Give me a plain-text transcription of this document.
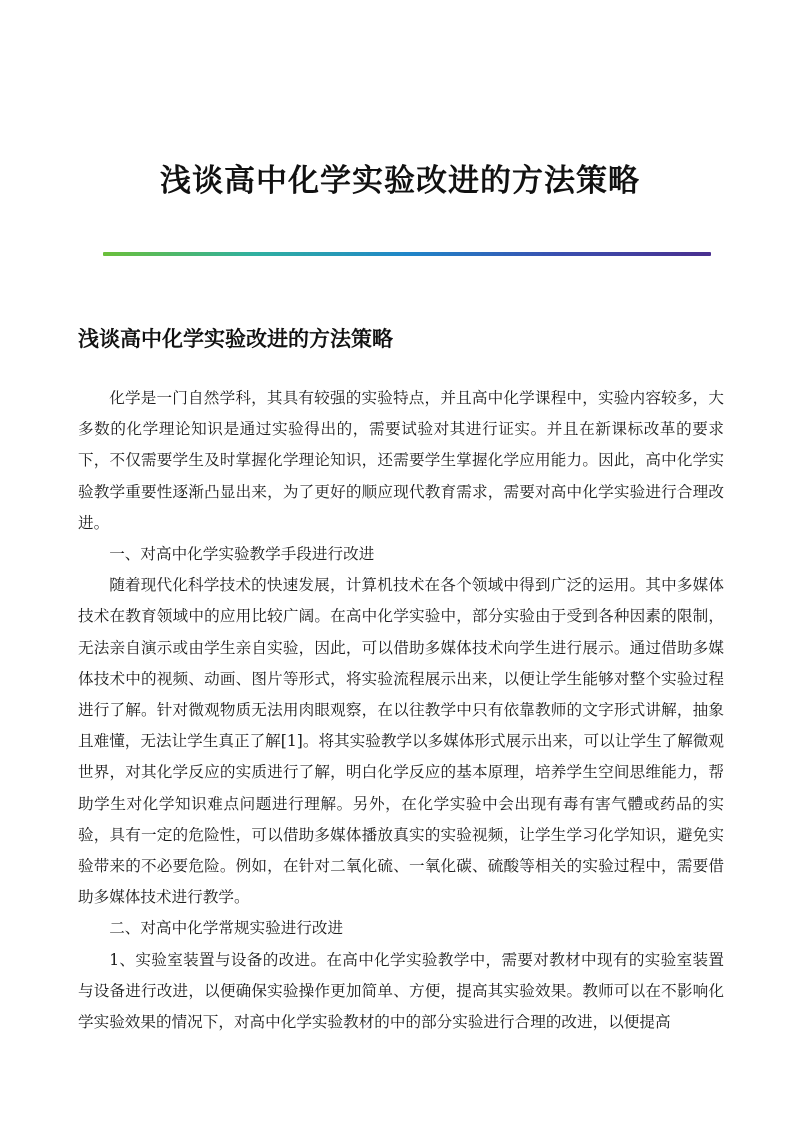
浅谈高中化学实验改进的方法策略
浅谈高中化学实验改进的方法策略

化学是一门自然学科，其具有较强的实验特点，并且高中化学课程中，实验内容较多，大多数的化学理论知识是通过实验得出的，需要试验对其进行证实。并且在新课标改革的要求下，不仅需要学生及时掌握化学理论知识，还需要学生掌握化学应用能力。因此，高中化学实验教学重要性逐渐凸显出来，为了更好的顺应现代教育需求，需要对高中化学实验进行合理改进。

一、对高中化学实验教学手段进行改进

随着现代化科学技术的快速发展，计算机技术在各个领域中得到广泛的运用。其中多媒体技术在教育领域中的应用比较广阔。在高中化学实验中，部分实验由于受到各种因素的限制，无法亲自演示或由学生亲自实验，因此，可以借助多媒体技术向学生进行展示。通过借助多媒体技术中的视频、动画、图片等形式，将实验流程展示出来，以便让学生能够对整个实验过程进行了解。针对微观物质无法用肉眼观察，在以往教学中只有依靠教师的文字形式讲解，抽象且难懂，无法让学生真正了解[1]。将其实验教学以多媒体形式展示出来，可以让学生了解微观世界，对其化学反应的实质进行了解，明白化学反应的基本原理，培养学生空间思维能力，帮助学生对化学知识难点问题进行理解。另外，在化学实验中会出现有毒有害气體或药品的实验，具有一定的危险性，可以借助多媒体播放真实的实验视频，让学生学习化学知识，避免实验带来的不必要危险。例如，在针对二氧化硫、一氧化碳、硫酸等相关的实验过程中，需要借助多媒体技术进行教学。

二、对高中化学常规实验进行改进

1、实验室装置与设备的改进。在高中化学实验教学中，需要对教材中现有的实验室装置与设备进行改进，以便确保实验操作更加简单、方便，提高其实验效果。教师可以在不影响化学实验效果的情况下，对高中化学实验教材的中的部分实验进行合理的改进，以便提高
